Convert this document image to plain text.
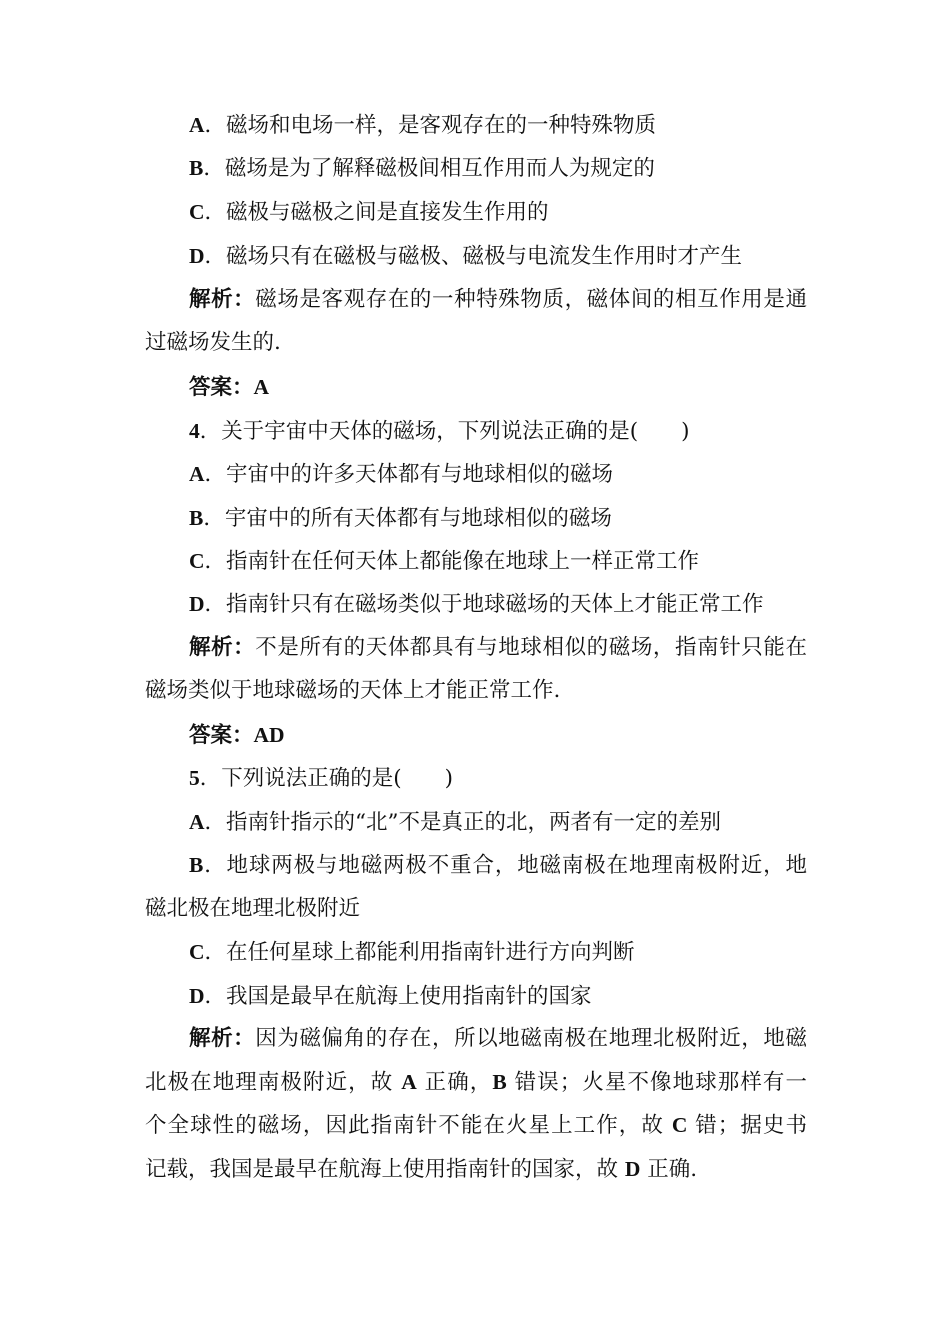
A．磁场和电场一样，是客观存在的一种特殊物质
B．磁场是为了解释磁极间相互作用而人为规定的
C．磁极与磁极之间是直接发生作用的
D．磁场只有在磁极与磁极、磁极与电流发生作用时才产生
解析：磁场是客观存在的一种特殊物质，磁体间的相互作用是通
过磁场发生的.
答案：A
4．关于宇宙中天体的磁场，下列说法正确的是(　　)
A．宇宙中的许多天体都有与地球相似的磁场
B．宇宙中的所有天体都有与地球相似的磁场
C．指南针在任何天体上都能像在地球上一样正常工作
D．指南针只有在磁场类似于地球磁场的天体上才能正常工作
解析：不是所有的天体都具有与地球相似的磁场，指南针只能在
磁场类似于地球磁场的天体上才能正常工作.
答案：AD
5．下列说法正确的是(　　)
A．指南针指示的“北”不是真正的北，两者有一定的差别
B．地球两极与地磁两极不重合，地磁南极在地理南极附近，地
磁北极在地理北极附近
C．在任何星球上都能利用指南针进行方向判断
D．我国是最早在航海上使用指南针的国家
解析：因为磁偏角的存在，所以地磁南极在地理北极附近，地磁
北极在地理南极附近，故 A 正确，B 错误；火星不像地球那样有一
个全球性的磁场，因此指南针不能在火星上工作，故 C 错；据史书
记载，我国是最早在航海上使用指南针的国家，故 D 正确.
